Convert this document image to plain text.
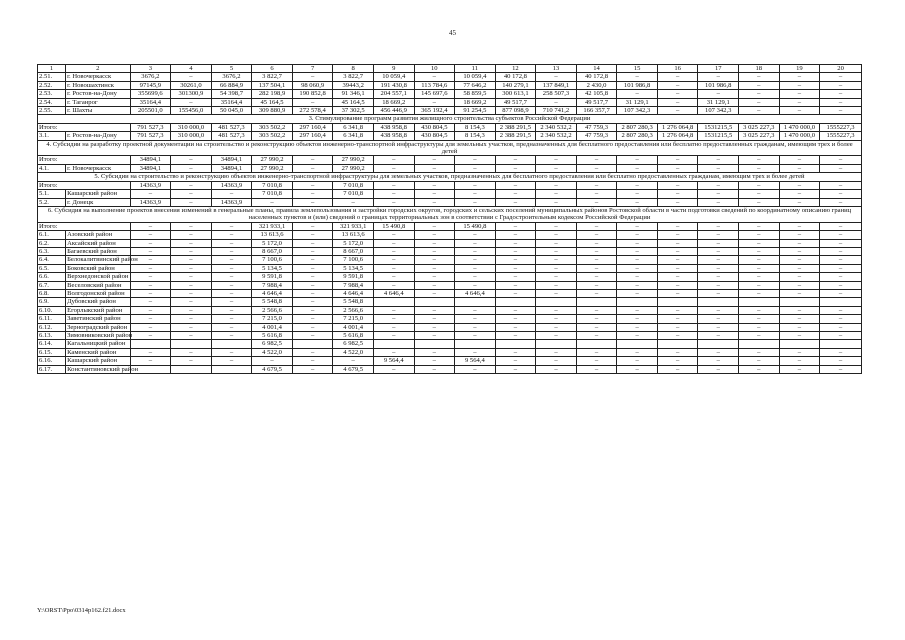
45
1	2	3	4	5	6	7	8	9	10	11	12	13	14	15	16	17	18	19	20
2.51.	г. Новочеркасск	3676,2	–	3676,2	3 822,7	–	3 822,7	10 059,4	–	10 059,4	40 172,8	–	40 172,8	–	–	–	–	–	–
2.52.	г. Новошахтинск	97145,9	30261,0	66 884,9	137 504,1	98 060,9	39443,2	191 430,8	113 784,6	77 646,2	140 279,1	137 849,1	2 430,0	101 986,8	–	101 986,8	–	–	–
2.53.	г. Ростов-на-Дону	355699,6	301300,9	54 398,7	282 198,9	190 852,8	91 346,1	204 557,1	145 697,6	58 859,5	300 613,1	258 507,3	42 105,8	–	–	–	–	–	–
2.54.	г. Таганрог	35164,4	–	35164,4	45 164,5	–	45 164,5	18 669,2	–	18 669,2	49 517,7	–	49 517,7	31 129,1	–	31 129,1	–	–	–
2.55.	г. Шахты	205501,0	155456,0	50 045,0	309 880,9	272 578,4	37 302,5	456 446,9	365 192,4	91 254,5	877 098,9	710 741,2	166 357,7	107 342,3	–	107 342,3	–	–	–
3. Стимулирование программ развития жилищного строительства субъектов Российской Федерации																			
Итого:		791 527,3	310 000,0	481 527,3	303 502,2	297 160,4	6 341,8	438 958,8	430 804,5	8 154,3	2 388 291,5	2 340 532,2	47 759,3	2 807 280,3	1 276 064,8	1531215,5	3 025 227,3	1 470 000,0	1555227,3
3.1.	г. Ростов-на-Дону	791 527,3	310 000,0	481 527,3	303 502,2	297 160,4	6 341,8	438 958,8	430 804,5	8 154,3	2 388 291,5	2 340 532,2	47 759,3	2 807 280,3	1 276 064,8	1531215,5	3 025 227,3	1 470 000,0	1555227,3
4. Субсидии на разработку проектной документации на строительство и реконструкцию объектов инженерно-транспортной инфраструктуры для земельных участков, предназначенных для бесплатного предоставления или бесплатно предоставленных гражданам, имеющим трех и более детей																			
Итого:		34894,1	–	34894,1	27 990,2	–	27 990,2	–	–	–	–	–	–	–	–	–	–	–	–
4.1.	г. Новочеркасск	34894,1	–	34894,1	27 990,2	–	27 990,2	–	–	–	–	–	–	–	–	–	–	–	–
5. Субсидии на строительство и реконструкцию объектов инженерно-транспортной инфраструктуры для земельных участков, предназначенных для бесплатного предоставления или бесплатно предоставленных гражданам, имеющим трех и более детей																			
Итого:		14363,9	–	14363,9	7 010,8	–	7 010,8	–	–	–	–	–	–	–	–	–	–	–	–
5.1.	Кашарский район	–	–	–	7 010,8	–	7 010,8	–	–	–	–	–	–	–	–	–	–	–	–
5.2.	г. Донецк	14363,9	–	14363,9	–	–	–	–	–	–	–	–	–	–	–	–	–	–	–
6. Субсидия на выполнение проектов внесения изменений в генеральные планы, правила землепользования и застройки городских округов, городских и сельских поселений муниципальных районов Ростовской области в части подготовки сведений по координатному описанию границ населенных пунктов и (или) сведений о границах территориальных зон в соответствии с Градостроительным кодексом Российской Федерации																			
Итого:		–	–	–	321 933,1	–	321 933,1	15 490,8	–	15 490,8	–	–	–	–	–	–	–	–	–
6.1.	Азовский район	–	–	–	13 613,6	–	13 613,6	–	–	–	–	–	–	–	–	–	–	–	–
6.2.	Аксайский район	–	–	–	5 172,0	–	5 172,0	–	–	–	–	–	–	–	–	–	–	–	–
6.3.	Багаевский район	–	–	–	8 667,0	–	8 667,0	–	–	–	–	–	–	–	–	–	–	–	–
6.4.	Белокалитвинский район	–	–	–	7 100,6	–	7 100,6	–	–	–	–	–	–	–	–	–	–	–	–
6.5.	Боковский район	–	–	–	5 134,5	–	5 134,5	–	–	–	–	–	–	–	–	–	–	–	–
6.6.	Верхнедонской район	–	–	–	9 591,8	–	9 591,8	–	–	–	–	–	–	–	–	–	–	–	–
6.7.	Веселовский район	–	–	–	7 988,4	–	7 988,4	–	–	–	–	–	–	–	–	–	–	–	–
6.8.	Волгодонской район	–	–	–	4 646,4	–	4 646,4	4 646,4	–	4 646,4	–	–	–	–	–	–	–	–	–
6.9.	Дубовский район	–	–	–	5 548,8	–	5 548,8												
6.10.	Егорлыкский район	–	–	–	2 566,6	–	2 566,6	–	–	–	–	–	–	–	–	–	–	–	–
6.11.	Заветинский район	–	–	–	7 215,0	–	7 215,0	–	–	–	–	–	–	–	–	–	–	–	–
6.12.	Зерноградский район	–	–	–	4 001,4	–	4 001,4	–	–	–	–	–	–	–	–	–	–	–	–
6.13.	Зимовниковский район	–	–	–	5 616,8	–	5 616,8	–	–	–	–	–	–	–	–	–	–	–	–
6.14.	Кагальницкий район				6 982,5		6 982,5												
6.15.	Каменский район	–	–	–	4 522,0	–	4 522,0	–	–	–	–	–	–	–	–	–	–	–	–
6.16.	Кашарский район	–	–	–	–	–	–	9 564,4	–	9 564,4	–	–	–	–	–	–	–	–	–
6.17.	Константиновский район				4 679,5	–	4 679,5	–	–	–	–	–	–	–	–	–	–	–	–
Y:\ORST\Ppo\0314p162.f21.docx
